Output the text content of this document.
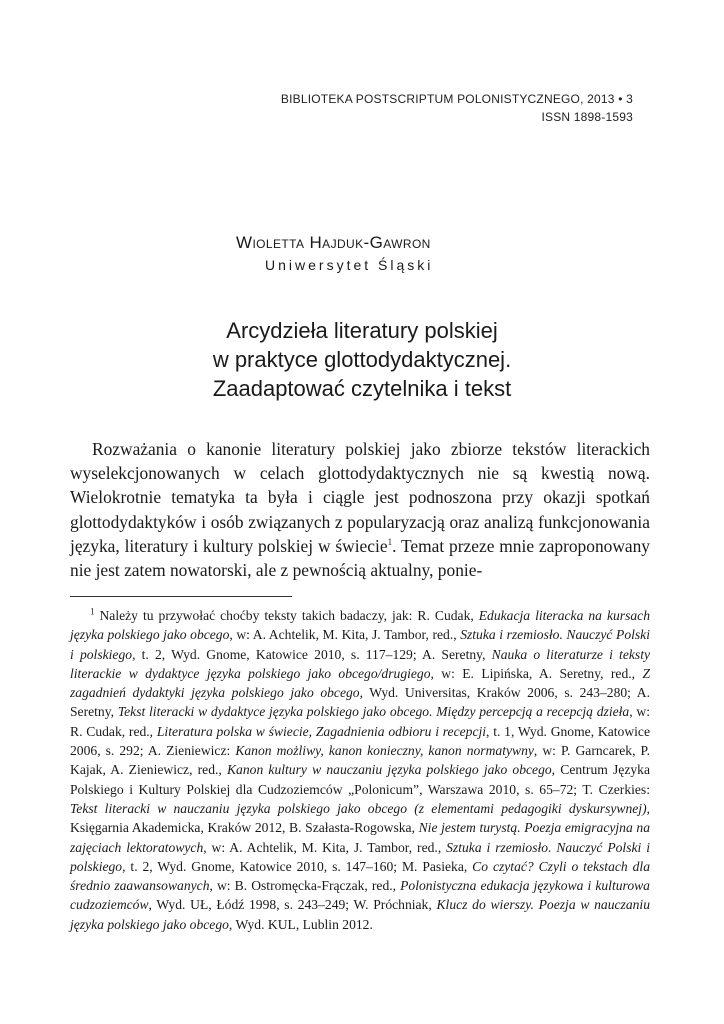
BIBLIOTEKA POSTSCRIPTUM POLONISTYCZNEGO, 2013 • 3
ISSN 1898-1593
Wioletta Hajduk-Gawron
Uniwersytet Śląski
Arcydzieła literatury polskiej
w praktyce glottodydaktycznej.
Zaadaptować czytelnika i tekst

Rozważania o kanonie literatury polskiej jako zbiorze tekstów literackich wyselekcjonowanych w celach glottodydaktycznych nie są kwestią nową. Wielokrotnie tematyka ta była i ciągle jest podnoszona przy okazji spotkań glottodydaktyków i osób związanych z popularyzacją oraz analizą funkcjonowania języka, literatury i kultury polskiej w świecie$^1$. Temat przeze mnie zaproponowany nie jest zatem nowatorski, ale z pewnością aktualny, ponie-

$^1$ Należy tu przywołać choćby teksty takich badaczy, jak: R. Cudak, Edukacja literacka na kursach języka polskiego jako obcego, w: A. Achtelik, M. Kita, J. Tambor, red., Sztuka i rzemiosło. Nauczyć Polski i polskiego, t. 2, Wyd. Gnome, Katowice 2010, s. 117–129; A. Seretny, Nauka o literaturze i teksty literackie w dydaktyce języka polskiego jako obcego/drugiego, w: E. Lipińska, A. Seretny, red., Z zagadnień dydaktyki języka polskiego jako obcego, Wyd. Universitas, Kraków 2006, s. 243–280; A. Seretny, Tekst literacki w dydaktyce języka polskiego jako obcego. Między percepcją a recepcją dzieła, w: R. Cudak, red., Literatura polska w świecie, Zagadnienia odbioru i recepcji, t. 1, Wyd. Gnome, Katowice 2006, s. 292; A. Zieniewicz: Kanon możliwy, kanon konieczny, kanon normatywny, w: P. Garncarek, P. Kajak, A. Zieniewicz, red., Kanon kultury w nauczaniu języka polskiego jako obcego, Centrum Języka Polskiego i Kultury Polskiej dla Cudzoziemców „Polonicum”, Warszawa 2010, s. 65–72; T. Czerkies: Tekst literacki w nauczaniu języka polskiego jako obcego (z elementami pedagogiki dyskursywnej), Księgarnia Akademicka, Kraków 2012, B. Szałasta-Rogowska, Nie jestem turystą. Poezja emigracyjna na zajęciach lektoratowych, w: A. Achtelik, M. Kita, J. Tambor, red., Sztuka i rzemiosło. Nauczyć Polski i polskiego, t. 2, Wyd. Gnome, Katowice 2010, s. 147–160; M. Pasieka, Co czytać? Czyli o tekstach dla średnio zaawansowanych, w: B. Ostromęcka-Frączak, red., Polonistyczna edukacja językowa i kulturowa cudzoziemców, Wyd. UŁ, Łódź 1998, s. 243–249; W. Próchniak, Klucz do wierszy. Poezja w nauczaniu języka polskiego jako obcego, Wyd. KUL, Lublin 2012.
